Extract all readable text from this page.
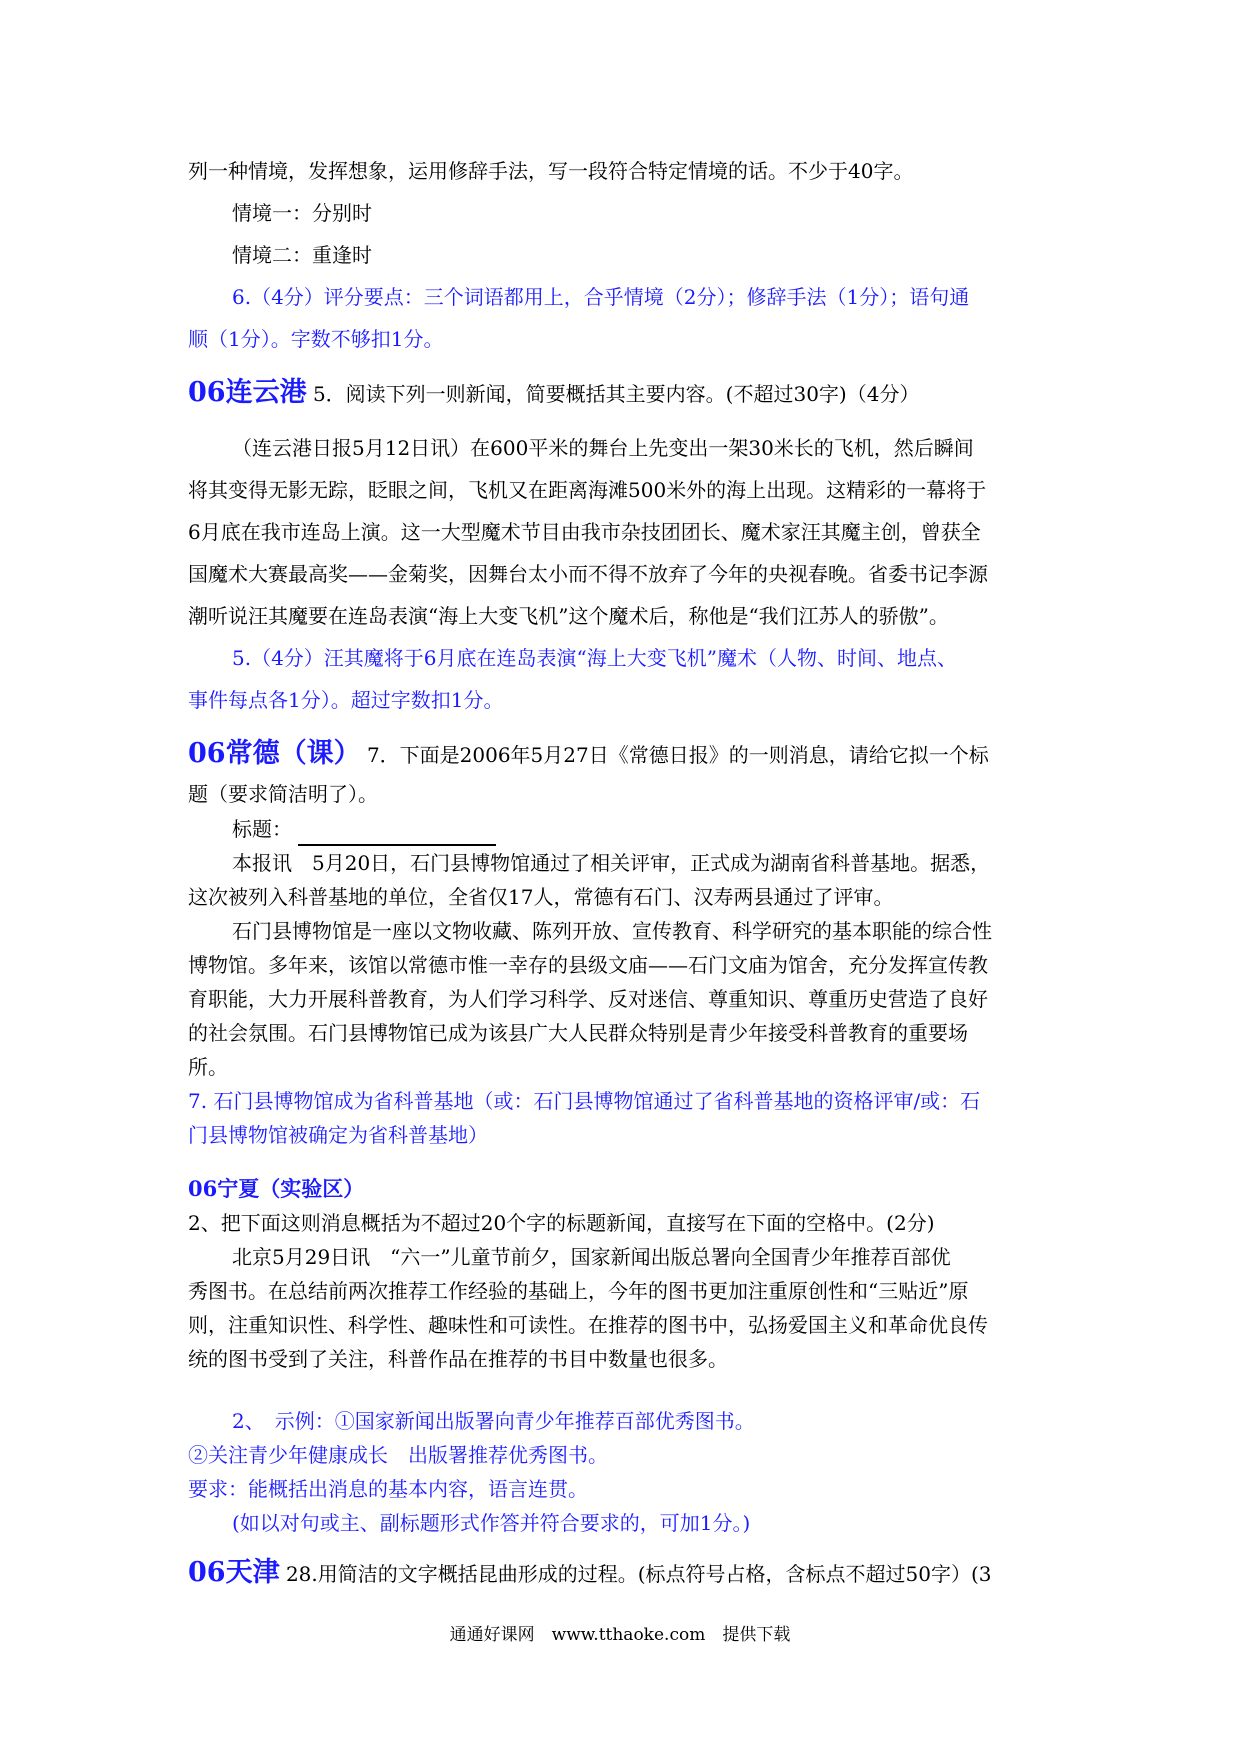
列一种情境，发挥想象，运用修辞手法，写一段符合特定情境的话。不少于40字。

情境一：分别时

情境二：重逢时

6.（4分）评分要点：三个词语都用上，合乎情境（2分）；修辞手法（1分）；语句通

顺（1分）。字数不够扣1分。

06连云港 5．阅读下列一则新闻，简要概括其主要内容。(不超过30字)（4分）

（连云港日报5月12日讯）在600平米的舞台上先变出一架30米长的飞机，然后瞬间

将其变得无影无踪，眨眼之间，飞机又在距离海滩500米外的海上出现。这精彩的一幕将于

6月底在我市连岛上演。这一大型魔术节目由我市杂技团团长、魔术家汪其魔主创，曾获全

国魔术大赛最高奖——金菊奖，因舞台太小而不得不放弃了今年的央视春晚。省委书记李源

潮听说汪其魔要在连岛表演“海上大变飞机”这个魔术后，称他是“我们江苏人的骄傲”。

5.（4分）汪其魔将于6月底在连岛表演“海上大变飞机”魔术（人物、时间、地点、

事件每点各1分）。超过字数扣1分。

06常德（课） 7．下面是2006年5月27日《常德日报》的一则消息，请给它拟一个标

题（要求简洁明了）。

标题：

本报讯　5月20日，石门县博物馆通过了相关评审，正式成为湖南省科普基地。据悉，

这次被列入科普基地的单位，全省仅17人，常德有石门、汉寿两县通过了评审。

石门县博物馆是一座以文物收藏、陈列开放、宣传教育、科学研究的基本职能的综合性

博物馆。多年来，该馆以常德市惟一幸存的县级文庙——石门文庙为馆舍，充分发挥宣传教

育职能，大力开展科普教育，为人们学习科学、反对迷信、尊重知识、尊重历史营造了良好

的社会氛围。石门县博物馆已成为该县广大人民群众特别是青少年接受科普教育的重要场

所。

7. 石门县博物馆成为省科普基地（或：石门县博物馆通过了省科普基地的资格评审/或：石

门县博物馆被确定为省科普基地）

06宁夏（实验区）

2、把下面这则消息概括为不超过20个字的标题新闻，直接写在下面的空格中。(2分)

北京5月29日讯　“六一”儿童节前夕，国家新闻出版总署向全国青少年推荐百部优

秀图书。在总结前两次推荐工作经验的基础上，今年的图书更加注重原创性和“三贴近”原

则，注重知识性、科学性、趣味性和可读性。在推荐的图书中，弘扬爱国主义和革命优良传

统的图书受到了关注，科普作品在推荐的书目中数量也很多。

2、　示例：①国家新闻出版署向青少年推荐百部优秀图书。

②关注青少年健康成长　出版署推荐优秀图书。

要求：能概括出消息的基本内容，语言连贯。

(如以对句或主、副标题形式作答并符合要求的，可加1分。)

06天津 28.用简洁的文字概括昆曲形成的过程。(标点符号占格，含标点不超过50字）(3

通通好课网　www.tthaoke.com　提供下载
